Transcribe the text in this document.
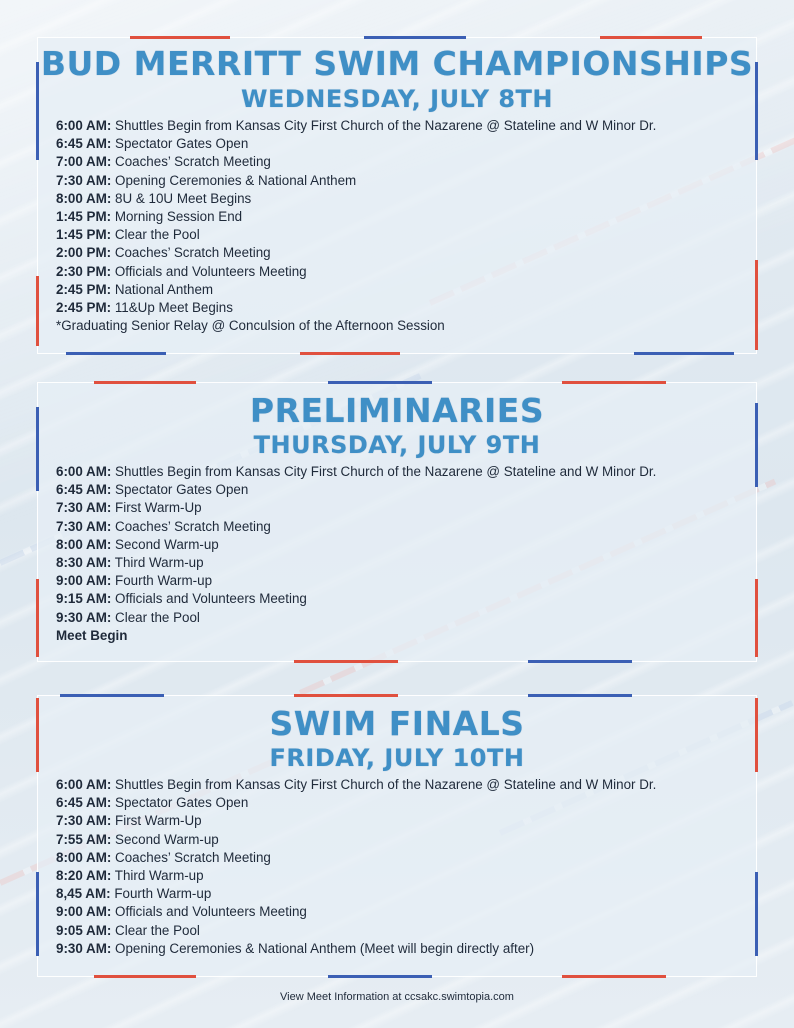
BUD MERRITT SWIM CHAMPIONSHIPS
WEDNESDAY, JULY 8TH
6:00 AM: Shuttles Begin from Kansas City First Church of the Nazarene @ Stateline and W Minor Dr.
6:45 AM: Spectator Gates Open
7:00 AM: Coaches’ Scratch Meeting
7:30 AM: Opening Ceremonies & National Anthem
8:00 AM: 8U & 10U Meet Begins
1:45 PM: Morning Session End
1:45 PM: Clear the Pool
2:00 PM: Coaches’ Scratch Meeting
2:30 PM: Officials and Volunteers Meeting
2:45 PM: National Anthem
2:45 PM: 11&Up Meet Begins
*Graduating Senior Relay @ Conculsion of the Afternoon Session
PRELIMINARIES
THURSDAY, JULY 9TH
6:00 AM: Shuttles Begin from Kansas City First Church of the Nazarene @ Stateline and W Minor Dr.
6:45 AM: Spectator Gates Open
7:30 AM: First Warm-Up
7:30 AM: Coaches’ Scratch Meeting
8:00 AM: Second Warm-up
8:30 AM: Third Warm-up
9:00 AM: Fourth Warm-up
9:15 AM: Officials and Volunteers Meeting
9:30 AM: Clear the Pool
Meet Begin
SWIM FINALS
FRIDAY, JULY 10TH
6:00 AM: Shuttles Begin from Kansas City First Church of the Nazarene @ Stateline and W Minor Dr.
6:45 AM: Spectator Gates Open
7:30 AM: First Warm-Up
7:55 AM: Second Warm-up
8:00 AM: Coaches’ Scratch Meeting
8:20 AM: Third Warm-up
8,45 AM: Fourth Warm-up
9:00 AM: Officials and Volunteers Meeting
9:05 AM: Clear the Pool
9:30 AM: Opening Ceremonies & National Anthem (Meet will begin directly after)
View Meet Information at ccsakc.swimtopia.com
